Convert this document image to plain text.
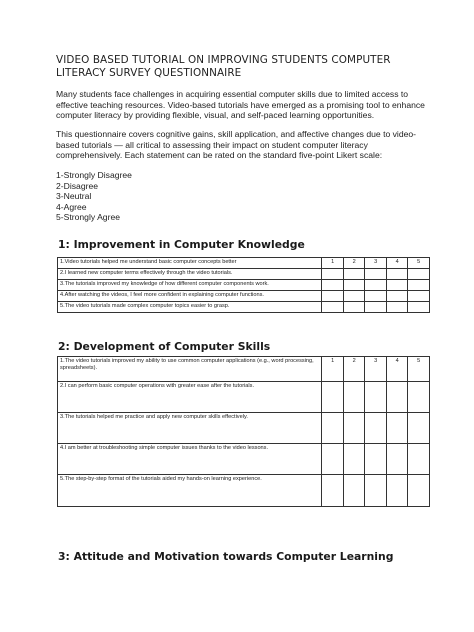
VIDEO BASED TUTORIAL ON IMPROVING STUDENTS COMPUTER LITERACY SURVEY QUESTIONNAIRE
Many students face challenges in acquiring essential computer skills due to limited access to effective teaching resources. Video-based tutorials have emerged as a promising tool to enhance computer literacy by providing flexible, visual, and self-paced learning opportunities.
This questionnaire covers cognitive gains, skill application, and affective changes due to video-based tutorials — all critical to assessing their impact on student computer literacy comprehensively. Each statement can be rated on the standard five-point Likert scale:
1-Strongly Disagree
2-Disagree
3-Neutral
4-Agree
5-Strongly Agree
1: Improvement in Computer Knowledge
1.Video tutorials helped me understand basic computer concepts better	1	2	3	4	5
2.I learned new computer terms effectively through the video tutorials.					
3.The tutorials improved my knowledge of how different computer components work.					
4.After watching the videos, I feel more confident in explaining computer functions.					
5.The video tutorials made complex computer topics easier to grasp.					
2: Development of Computer Skills
1.The video tutorials improved my ability to use common computer applications (e.g., word processing, spreadsheets).	1	2	3	4	5
2.I can perform basic computer operations with greater ease after the tutorials.					
3.The tutorials helped me practice and apply new computer skills effectively.					
4.I am better at troubleshooting simple computer issues thanks to the video lessons.					
5.The step-by-step format of the tutorials aided my hands-on learning experience.					
3: Attitude and Motivation towards Computer Learning
